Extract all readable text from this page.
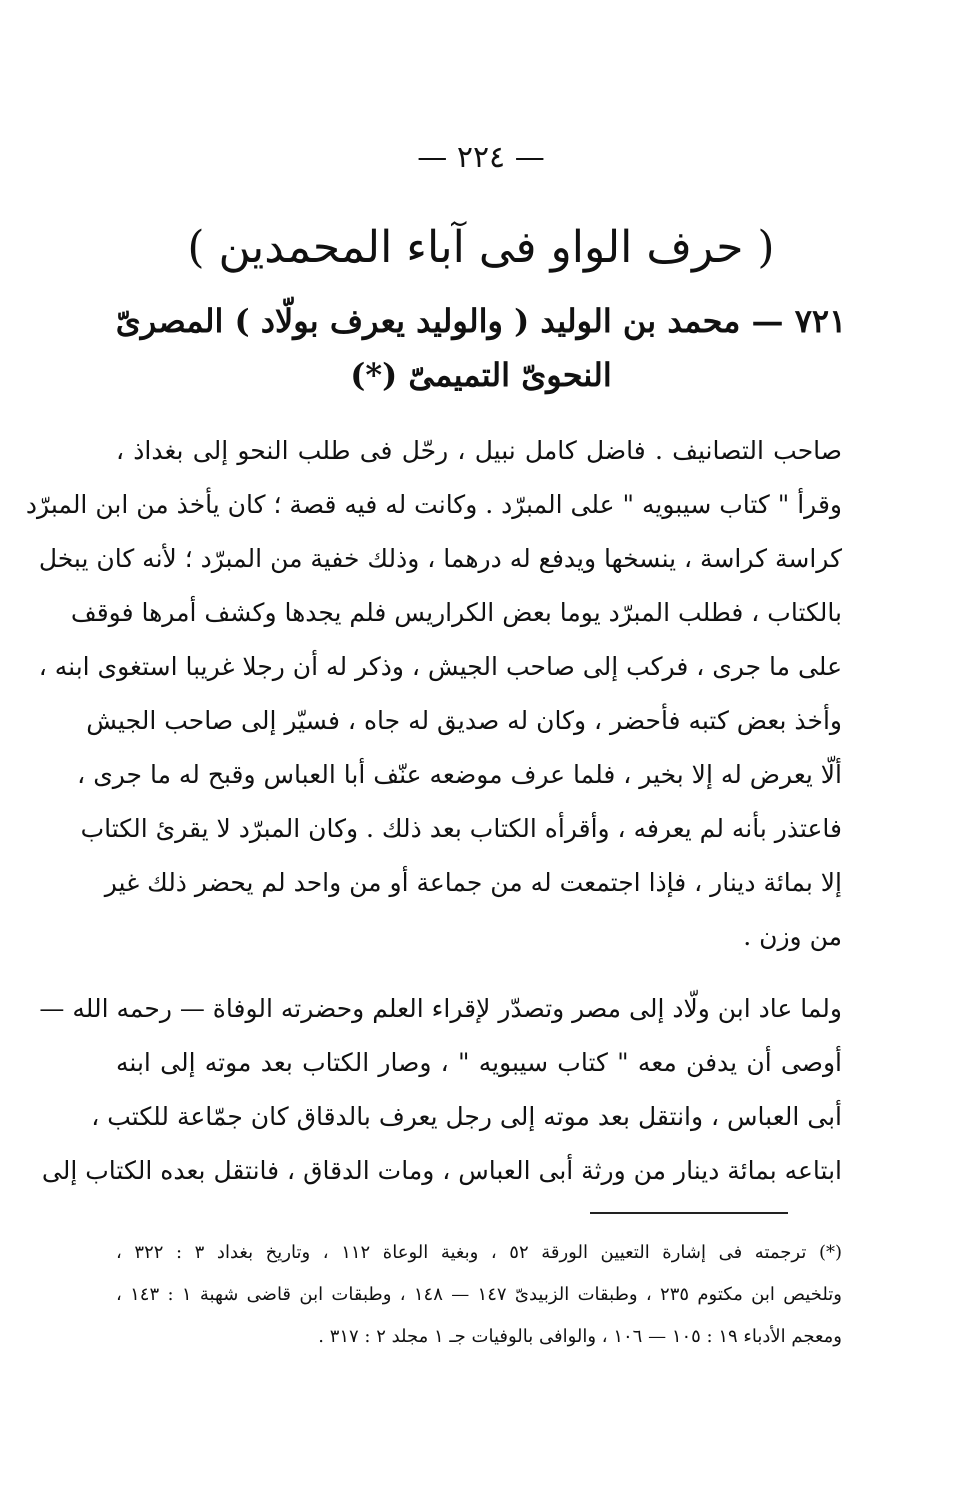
— ٢٢٤ —
( حرف الواو فى آباء المحمدين )
٧٢١ — محمد بن الوليد ( والوليد يعرف بولّاد ) المصرىّ
النحوىّ التميمىّ (*)
صاحب التصانيف . فاضل كامل نبيل ، رحّل فى طلب النحو إلى بغداذ ،
وقرأ " كتاب سيبويه " على المبرّد . وكانت له فيه قصة ؛ كان يأخذ من ابن المبرّد
كراسة كراسة ، ينسخها ويدفع له درهما ، وذلك خفية من المبرّد ؛ لأنه كان يبخل
بالكتاب ، فطلب المبرّد يوما بعض الكراريس فلم يجدها وكشف أمرها فوقف
على ما جرى ، فركب إلى صاحب الجيش ، وذكر له أن رجلا غريبا استغوى ابنه ،
وأخذ بعض كتبه فأحضر ، وكان له صديق له جاه ، فسيّر إلى صاحب الجيش
ألّا يعرض له إلا بخير ، فلما عرف موضعه عنّف أبا العباس وقبح له ما جرى ،
فاعتذر بأنه لم يعرفه ، وأقرأه الكتاب بعد ذلك . وكان المبرّد لا يقرئ الكتاب
إلا بمائة دينار ، فإذا اجتمعت له من جماعة أو من واحد لم يحضر ذلك غير
من وزن .
ولما عاد ابن ولّاد إلى مصر وتصدّر لإقراء العلم وحضرته الوفاة — رحمه الله —
أوصى أن يدفن معه " كتاب سيبويه " ، وصار الكتاب بعد موته إلى ابنه
أبى العباس ، وانتقل بعد موته إلى رجل يعرف بالدقاق كان جمّاعة للكتب ،
ابتاعه بمائة دينار من ورثة أبى العباس ، ومات الدقاق ، فانتقل بعده الكتاب إلى
(*) ترجمته فى إشارة التعيين الورقة ٥٢ ، وبغية الوعاة ١١٢ ، وتاريخ بغداد ٣ : ٣٢٢ ،
وتلخيص ابن مكتوم ٢٣٥ ، وطبقات الزبيدىّ ١٤٧ — ١٤٨ ، وطبقات ابن قاضى شهبة ١ : ١٤٣ ،
ومعجم الأدباء ١٩ : ١٠٥ — ١٠٦ ، والوافى بالوفيات جـ ١ مجلد ٢ : ٣١٧ .
